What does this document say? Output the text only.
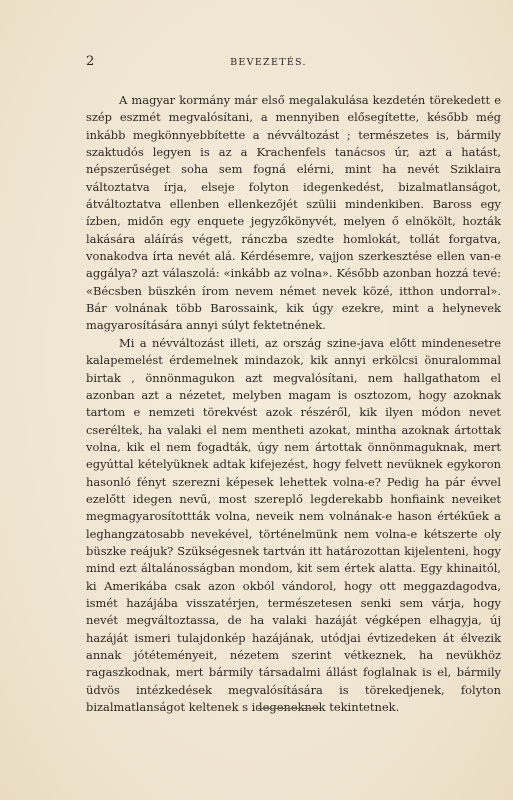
2	BEVEZETÉS.

A magyar kormány már első megalakulása kezdetén törekedett e szép eszmét megvalósítani, a mennyiben elősegítette, később még inkább megkönnyebbítette a névváltozást ; természetes is, bármily szaktudós legyen is az a Krachenfels tanácsos úr, azt a hatást, népszerűséget soha sem fogná elérni, mint ha nevét Sziklaira változtatva írja, elseje folyton idegenkedést, bizalmatlanságot, átváltoztatva ellenben ellenkezőjét szülii mindenkiben. Baross egy ízben, midőn egy enquete jegyzőkönyvét, melyen ő elnökölt, hozták lakására aláírás végett, ránczba szedte homlokát, tollát forgatva, vonakodva írta nevét alá. Kérdésemre, vajjon szerkesztése ellen van-e aggálya? azt válaszolá: «inkább az volna». Később azonban hozzá tevé: «Bécsben büszkén írom nevem német nevek közé, itthon undorral». Bár volnának több Barossaink, kik úgy ezekre, mint a helynevek magyarosítására annyi súlyt fektetnének.

Mi a névváltozást illeti, az ország szine-java előtt mindenesetre kalapemelést érdemelnek mindazok, kik annyi erkölcsi önuralommal birtak , önnönmagukon azt megvalósítani, nem hallgathatom el azonban azt a nézetet, melyben magam is osztozom, hogy azoknak tartom e nemzeti törekvést azok részéről, kik ilyen módon nevet cseréltek, ha valaki el nem mentheti azokat, mintha azoknak ártottak volna, kik el nem fogadták, úgy nem ártottak önnönmaguknak, mert egyúttal kételyüknek adtak kifejezést, hogy felvett nevüknek egykoron hasonló fényt szerezni képesek lehettek volna-e? Pedig ha pár évvel ezelőtt idegen nevű, most szereplő legderekabb honfiaink neveiket megmagyarosítottták volna, neveik nem volnának-e hason értékűek a leghangzatosabb nevekével, történelmünk nem volna-e kétszerte oly büszke reájuk? Szükségesnek tartván itt határozottan kijelenteni, hogy mind ezt általánosságban mondom, kit sem értek alatta. Egy khinaitól, ki Amerikába csak azon okból vándorol, hogy ott meggazdagodva, ismét hazájába visszatérjen, természetesen senki sem várja, hogy nevét megváltoztassa, de ha valaki hazáját végképen elhagyja, új hazáját ismeri tulajdonkép hazájának, utódjai évtizedeken át élvezik annak jótéteményeit, nézetem szerint vétkeznek, ha nevükhöz ragaszkodnak, mert bármily társadalmi állást foglalnak is el, bármily üdvös intézkedések megvalósítására is törekedjenek, folyton bizalmatlanságot keltenek s idegeneknek tekintetnek.
